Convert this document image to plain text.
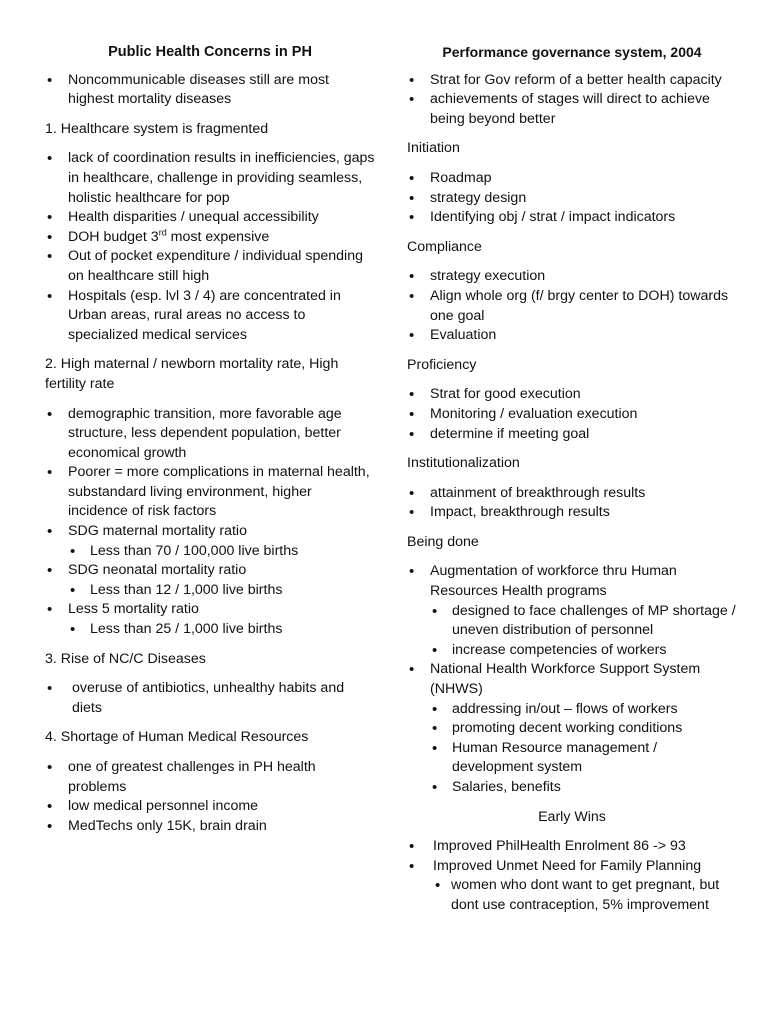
Public Health Concerns in PH
• Noncommunicable diseases still are most highest mortality diseases
1. Healthcare system is fragmented
• lack of coordination results in inefficiencies, gaps in healthcare, challenge in providing seamless, holistic healthcare for pop
• Health disparities / unequal accessibility
• DOH budget 3rd most expensive
• Out of pocket expenditure / individual spending on healthcare still high
• Hospitals (esp. lvl 3 / 4) are concentrated in Urban areas, rural areas no access to specialized medical services
2. High maternal / newborn mortality rate, High fertility rate
• demographic transition, more favorable age structure, less dependent population, better economical growth
• Poorer = more complications in maternal health, substandard living environment, higher incidence of risk factors
• SDG maternal mortality ratio
• Less than 70 / 100,000 live births
• SDG neonatal mortality ratio
• Less than 12 / 1,000 live births
• Less 5 mortality ratio
• Less than 25 / 1,000 live births
3. Rise of NC/C Diseases
• overuse of antibiotics, unhealthy habits and diets
4. Shortage of Human Medical Resources
• one of greatest challenges in PH health problems
• low medical personnel income
• MedTechs only 15K, brain drain
Performance governance system, 2004
• Strat for Gov reform of a better health capacity
• achievements of stages will direct to achieve being beyond better
Initiation
• Roadmap
• strategy design
• Identifying obj / strat / impact indicators
Compliance
• strategy execution
• Align whole org (f/ brgy center to DOH) towards one goal
• Evaluation
Proficiency
• Strat for good execution
• Monitoring / evaluation execution
• determine if meeting goal
Institutionalization
• attainment of breakthrough results
• Impact, breakthrough results
Being done
• Augmentation of workforce thru Human Resources Health programs
• designed to face challenges of MP shortage / uneven distribution of personnel
• increase competencies of workers
• National Health Workforce Support System (NHWS)
• addressing in/out – flows of workers
• promoting decent working conditions
• Human Resource management / development system
• Salaries, benefits
Early Wins
• Improved PhilHealth Enrolment 86 -> 93
• Improved Unmet Need for Family Planning
• women who dont want to get pregnant, but dont use contraception, 5% improvement
